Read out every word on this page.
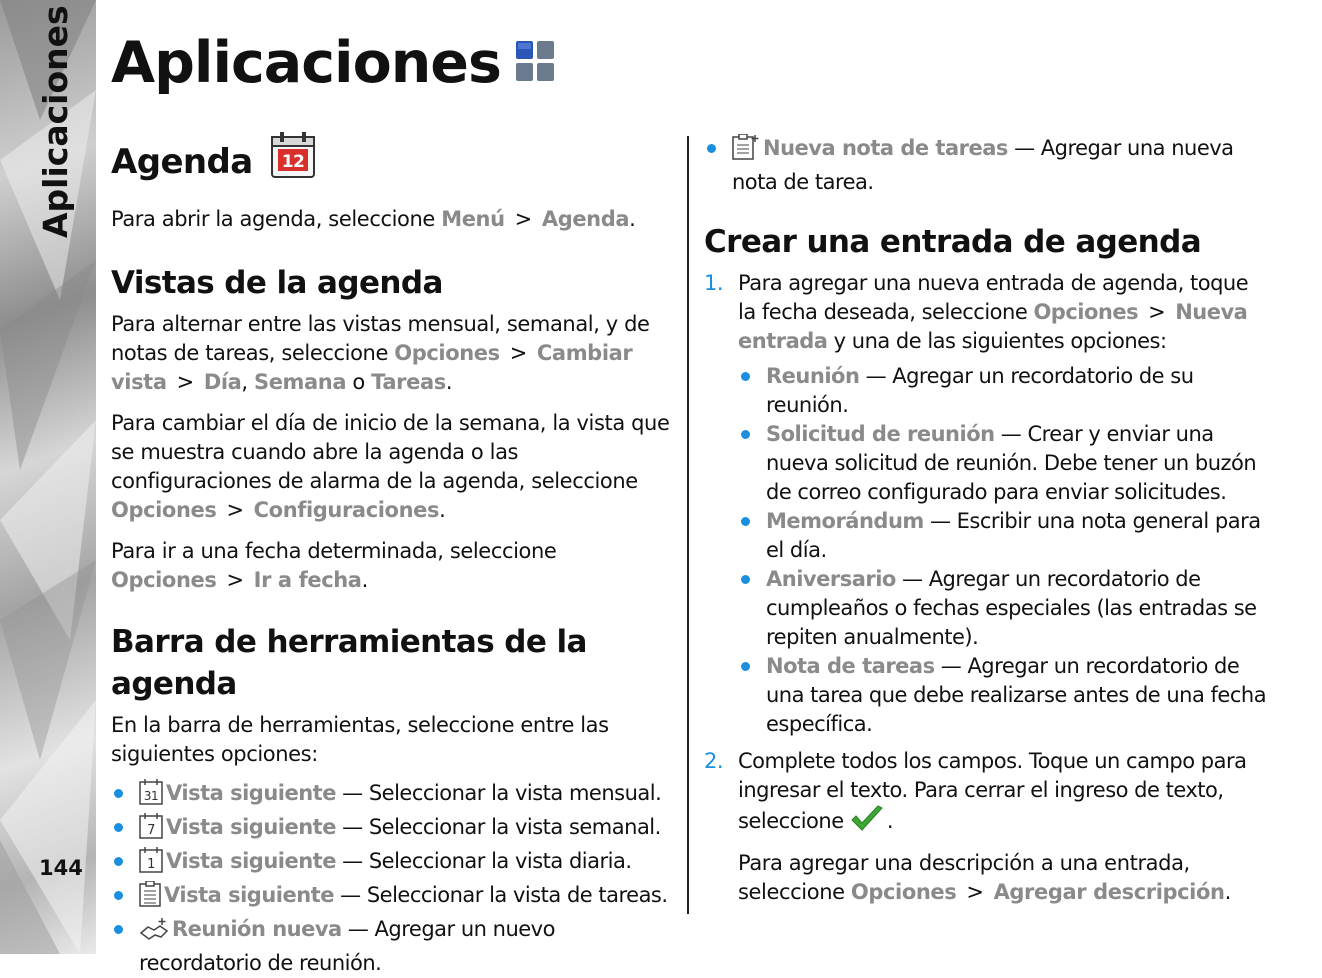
Aplicaciones
144
Aplicaciones
Agenda 12

Para abrir la agenda, seleccione Menú > Agenda.

Vistas de la agenda

Para alternar entre las vistas mensual, semanal, y de notas de tareas, seleccione Opciones > Cambiar vista > Día, Semana o Tareas.

Para cambiar el día de inicio de la semana, la vista que se muestra cuando abre la agenda o las configuraciones de alarma de la agenda, seleccione Opciones > Configuraciones.

Para ir a una fecha determinada, seleccione Opciones > Ir a fecha.

Barra de herramientas de la agenda

En la barra de herramientas, seleccione entre las siguientes opciones:

31 Vista siguiente — Seleccionar la vista mensual.
7 Vista siguiente — Seleccionar la vista semanal.
1 Vista siguiente — Seleccionar la vista diaria.
Vista siguiente — Seleccionar la vista de tareas.
Reunión nueva — Agregar un nuevo recordatorio de reunión.
Nueva nota de tareas — Agregar una nueva nota de tarea.
Crear una entrada de agenda
1. Para agregar una nueva entrada de agenda, toque la fecha deseada, seleccione Opciones > Nueva entrada y una de las siguientes opciones:
Reunión — Agregar un recordatorio de su reunión.
Solicitud de reunión — Crear y enviar una nueva solicitud de reunión. Debe tener un buzón de correo configurado para enviar solicitudes.
Memorándum — Escribir una nota general para el día.
Aniversario — Agregar un recordatorio de cumpleaños o fechas especiales (las entradas se repiten anualmente).
Nota de tareas — Agregar un recordatorio de una tarea que debe realizarse antes de una fecha específica.
2. Complete todos los campos. Toque un campo para ingresar el texto. Para cerrar el ingreso de texto, seleccione .

Para agregar una descripción a una entrada, seleccione Opciones > Agregar descripción.
